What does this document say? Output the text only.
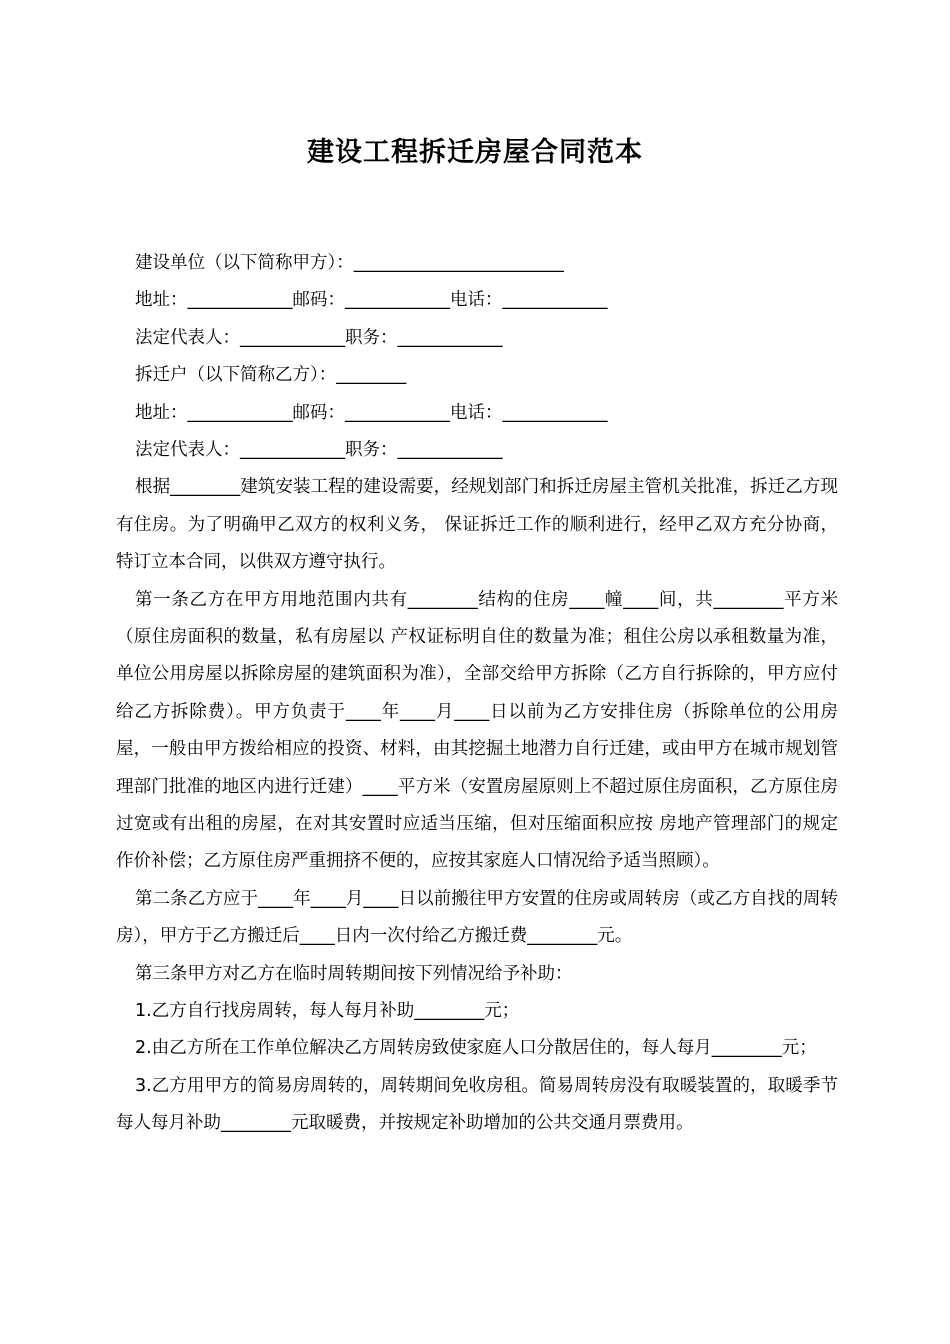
建设工程拆迁房屋合同范本
建设单位（以下简称甲方）：________________________
地址：____________邮码：____________电话：____________
法定代表人：____________职务：____________
拆迁户（以下简称乙方）：________
地址：____________邮码：____________电话：____________
法定代表人：____________职务：____________

根据________建筑安装工程的建设需要，经规划部门和拆迁房屋主管机关批准，拆迁乙方现有住房。为了明确甲乙双方的权利义务， 保证拆迁工作的顺利进行，经甲乙双方充分协商，特订立本合同，以供双方遵守执行。

第一条乙方在甲方用地范围内共有________结构的住房____幢____间，共________平方米（原住房面积的数量，私有房屋以 产权证标明自住的数量为准；租住公房以承租数量为准，单位公用房屋以拆除房屋的建筑面积为准），全部交给甲方拆除（乙方自行拆除的，甲方应付给乙方拆除费）。甲方负责于____年____月____日以前为乙方安排住房（拆除单位的公用房屋，一般由甲方拨给相应的投资、材料，由其挖掘土地潜力自行迁建，或由甲方在城市规划管理部门批准的地区内进行迁建）____平方米（安置房屋原则上不超过原住房面积，乙方原住房过宽或有出租的房屋，在对其安置时应适当压缩，但对压缩面积应按 房地产管理部门的规定作价补偿；乙方原住房严重拥挤不便的，应按其家庭人口情况给予适当照顾）。

第二条乙方应于____年____月____日以前搬往甲方安置的住房或周转房（或乙方自找的周转房），甲方于乙方搬迁后____日内一次付给乙方搬迁费________元。

第三条甲方对乙方在临时周转期间按下列情况给予补助：

1.乙方自行找房周转，每人每月补助________元；

2.由乙方所在工作单位解决乙方周转房致使家庭人口分散居住的，每人每月________元；

3.乙方用甲方的简易房周转的，周转期间免收房租。简易周转房没有取暖装置的，取暖季节每人每月补助________元取暖费，并按规定补助增加的公共交通月票费用。
